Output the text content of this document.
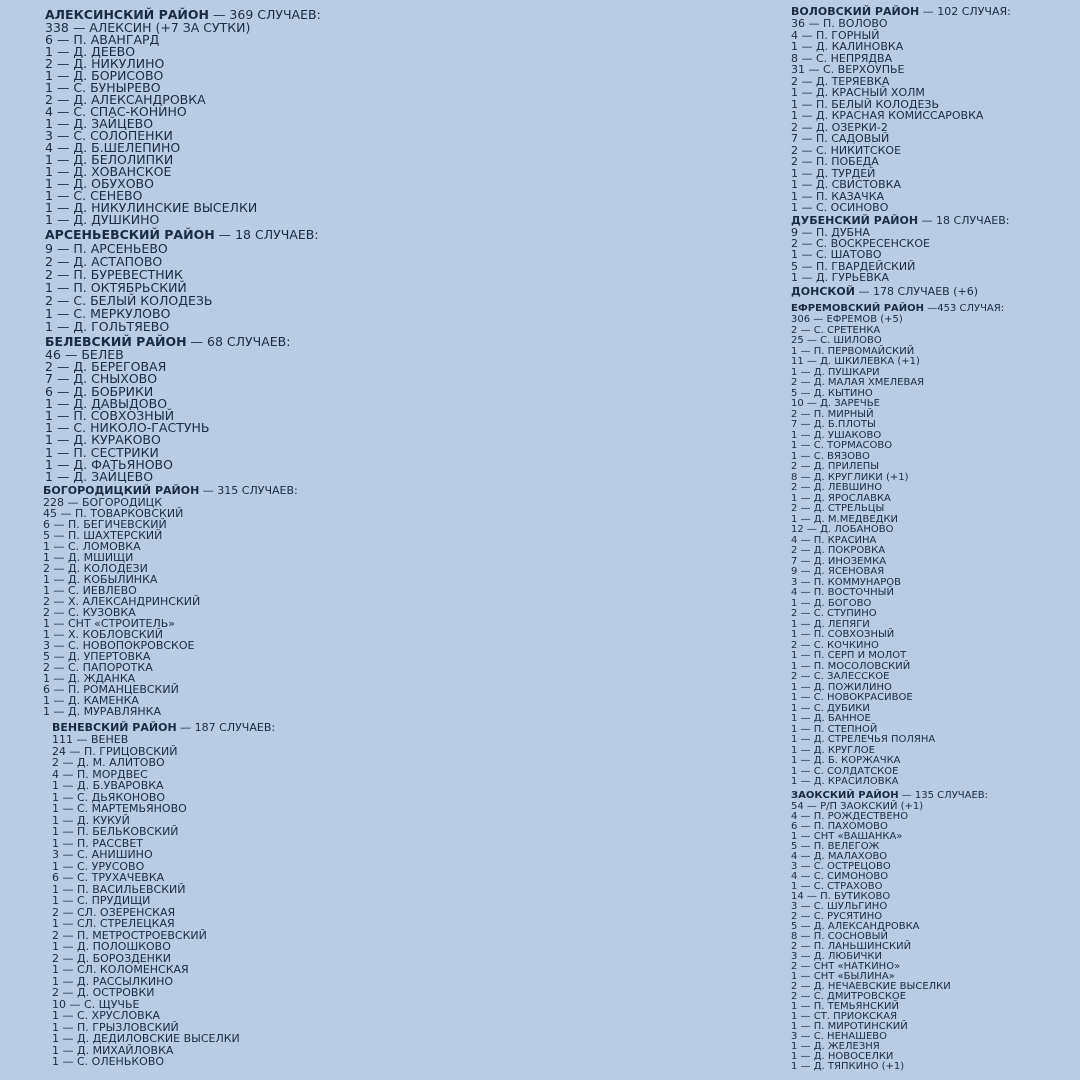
АЛЕКСИНСКИЙ РАЙОН — 369 СЛУЧАЕВ:
338 — АЛЕКСИН (+7 ЗА СУТКИ)
6 — П. АВАНГАРД
1 — Д. ДЕЕВО
2 — Д. НИКУЛИНО
1 — Д. БОРИСОВО
1 — С. БУНЫРЕВО
2 — Д. АЛЕКСАНДРОВКА
4 — С. СПАС-КОНИНО
1 — Д. ЗАЙЦЕВО
3 — С. СОЛОПЕНКИ
4 — Д. Б.ШЕЛЕПИНО
1 — Д. БЕЛОЛИПКИ
1 — Д. ХОВАНСКОЕ
1 — Д. ОБУХОВО
1 — С. СЕНЕВО
1 — Д. НИКУЛИНСКИЕ ВЫСЕЛКИ
1 — Д. ДУШКИНО
АРСЕНЬЕВСКИЙ РАЙОН — 18 СЛУЧАЕВ:
9 — П. АРСЕНЬЕВО
2 — Д. АСТАПОВО
2 — П. БУРЕВЕСТНИК
1 — П. ОКТЯБРЬСКИЙ
2 — С. БЕЛЫЙ КОЛОДЕЗЬ
1 — С. МЕРКУЛОВО
1 — Д. ГОЛЬТЯЕВО
БЕЛЕВСКИЙ РАЙОН — 68 СЛУЧАЕВ:
46 — БЕЛЕВ
2 — Д. БЕРЕГОВАЯ
7 — Д. СНЫХОВО
6 — Д. БОБРИКИ
1 — Д. ДАВЫДОВО
1 — П. СОВХОЗНЫЙ
1 — С. НИКОЛО-ГАСТУНЬ
1 — Д. КУРАКОВО
1 — П. СЕСТРИКИ
1 — Д. ФАТЬЯНОВО
1 — Д. ЗАЙЦЕВО
БОГОРОДИЦКИЙ РАЙОН — 315 СЛУЧАЕВ:
228 — БОГОРОДИЦК
45 — П. ТОВАРКОВСКИЙ
6 — П. БЕГИЧЕВСКИЙ
5 — П. ШАХТЕРСКИЙ
1 — С. ЛОМОВКА
1 — Д. МШИЩИ
2 — Д. КОЛОДЕЗИ
1 — Д. КОБЫЛИНКА
1 — С. ИЕВЛЕВО
2 — Х. АЛЕКСАНДРИНСКИЙ
2 — С. КУЗОВКА
1 — СНТ «СТРОИТЕЛЬ»
1 — Х. КОБЛОВСКИЙ
3 — С. НОВОПОКРОВСКОЕ
5 — Д. УПЕРТОВКА
2 — С. ПАПОРОТКА
1 — Д. ЖДАНКА
6 — П. РОМАНЦЕВСКИЙ
1 — Д. КАМЕНКА
1 — Д. МУРАВЛЯНКА
ВЕНЕВСКИЙ РАЙОН — 187 СЛУЧАЕВ:
111 — ВЕНЕВ
24 — П. ГРИЦОВСКИЙ
2 — Д. М. АЛИТОВО
4 — П. МОРДВЕС
1 — Д. Б.УВАРОВКА
1 — С. ДЬЯКОНОВО
1 — С. МАРТЕМЬЯНОВО
1 — Д. КУКУЙ
1 — П. БЕЛЬКОВСКИЙ
1 — П. РАССВЕТ
3 — С. АНИШИНО
1 — С. УРУСОВО
6 — С. ТРУХАЧЕВКА
1 — П. ВАСИЛЬЕВСКИЙ
1 — С. ПРУДИЩИ
2 — СЛ. ОЗЕРЕНСКАЯ
1 — СЛ. СТРЕЛЕЦКАЯ
2 — П. МЕТРОСТРОЕВСКИЙ
1 — Д. ПОЛОШКОВО
2 — Д. БОРОЗДЕНКИ
1 — СЛ. КОЛОМЕНСКАЯ
1 — Д. РАССЫЛКИНО
2 — Д. ОСТРОВКИ
10 — С. ЩУЧЬЕ
1 — С. ХРУСЛОВКА
1 — П. ГРЫЗЛОВСКИЙ
1 — Д. ДЕДИЛОВСКИЕ ВЫСЕЛКИ
1 — Д. МИХАЙЛОВКА
1 — С. ОЛЕНЬКОВО
ВОЛОВСКИЙ РАЙОН — 102 СЛУЧАЯ:
36 — П. ВОЛОВО
4 — П. ГОРНЫЙ
1 — Д. КАЛИНОВКА
8 — С. НЕПРЯДВА
31 — С. ВЕРХОУПЬЕ
2 — Д. ТЕРЯЕВКА
1 — Д. КРАСНЫЙ ХОЛМ
1 — П. БЕЛЫЙ КОЛОДЕЗЬ
1 — Д. КРАСНАЯ КОМИССАРОВКА
2 — Д. ОЗЕРКИ-2
7 — П. САДОВЫЙ
2 — С. НИКИТСКОЕ
2 — П. ПОБЕДА
1 — Д. ТУРДЕЙ
1 — Д. СВИСТОВКА
1 — П. КАЗАЧКА
1 — С. ОСИНОВО
ДУБЕНСКИЙ РАЙОН — 18 СЛУЧАЕВ:
9 — П. ДУБНА
2 — С. ВОСКРЕСЕНСКОЕ
1 — С. ШАТОВО
5 — П. ГВАРДЕЙСКИЙ
1 — Д. ГУРЬЕВКА
ДОНСКОЙ — 178 СЛУЧАЕВ (+6)
ЕФРЕМОВСКИЙ РАЙОН —453 СЛУЧАЯ:
306 — ЕФРЕМОВ (+5)
2 — С. СРЕТЕНКА
25 — С. ШИЛОВО
1 — П. ПЕРВОМАЙСКИЙ
11 — Д. ШКИЛЕВКА (+1)
1 — Д. ПУШКАРИ
2 — Д. МАЛАЯ ХМЕЛЕВАЯ
5 — Д. КЫТИНО
10 — Д. ЗАРЕЧЬЕ
2 — П. МИРНЫЙ
7 — Д. Б.ПЛОТЫ
1 — Д. УШАКОВО
1 — С. ТОРМАСОВО
1 — С. ВЯЗОВО
2 — Д. ПРИЛЕПЫ
8 — Д. КРУГЛИКИ (+1)
2 — Д. ЛЕВШИНО
1 — Д. ЯРОСЛАВКА
2 — Д. СТРЕЛЬЦЫ
1 — Д. М.МЕДВЕДКИ
12 — Д. ЛОБАНОВО
4 — П. КРАСИНА
2 — Д. ПОКРОВКА
7 — Д. ИНОЗЕМКА
9 — Д. ЯСЕНОВАЯ
3 — П. КОММУНАРОВ
4 — П. ВОСТОЧНЫЙ
1 — Д. БОГОВО
2 — С. СТУПИНО
1 — Д. ЛЕПЯГИ
1 — П. СОВХОЗНЫЙ
2 — С. КОЧКИНО
1 — П. СЕРП И МОЛОТ
1 — П. МОСОЛОВСКИЙ
2 — С. ЗАЛЕССКОЕ
1 — Д. ПОЖИЛИНО
1 — С. НОВОКРАСИВОЕ
1 — С. ДУБИКИ
1 — Д. БАННОЕ
1 — П. СТЕПНОЙ
1 — Д. СТРЕЛЕЧЬЯ ПОЛЯНА
1 — Д. КРУГЛОЕ
1 — Д. Б. КОРЖАЧКА
1 — С. СОЛДАТСКОЕ
1 — Д. КРАСИЛОВКА
ЗАОКСКИЙ РАЙОН — 135 СЛУЧАЕВ:
54 — Р/П ЗАОКСКИЙ (+1)
4 — П. РОЖДЕСТВЕНО
6 — П. ПАХОМОВО
1 — СНТ «ВАШАНКА»
5 — П. ВЕЛЕГОЖ
4 — Д. МАЛАХОВО
3 — С. ОСТРЕЦОВО
4 — С. СИМОНОВО
1 — С. СТРАХОВО
14 — П. БУТИКОВО
3 — С. ШУЛЬГИНО
2 — С. РУСЯТИНО
5 — Д. АЛЕКСАНДРОВКА
8 — П. СОСНОВЫЙ
2 — П. ЛАНЬШИНСКИЙ
3 — Д. ЛЮБИЧКИ
2 — СНТ «НАТКИНО»
1 — СНТ «БЫЛИНА»
2 — Д. НЕЧАЕВСКИЕ ВЫСЕЛКИ
2 — С. ДМИТРОВСКОЕ
1 — П. ТЕМЬЯНСКИЙ
1 — СТ. ПРИОКСКАЯ
1 — П. МИРОТИНСКИЙ
3 — С. НЕНАШЕВО
1 — Д. ЖЕЛЕЗНЯ
1 — Д. НОВОСЕЛКИ
1 — Д. ТЯПКИНО (+1)
